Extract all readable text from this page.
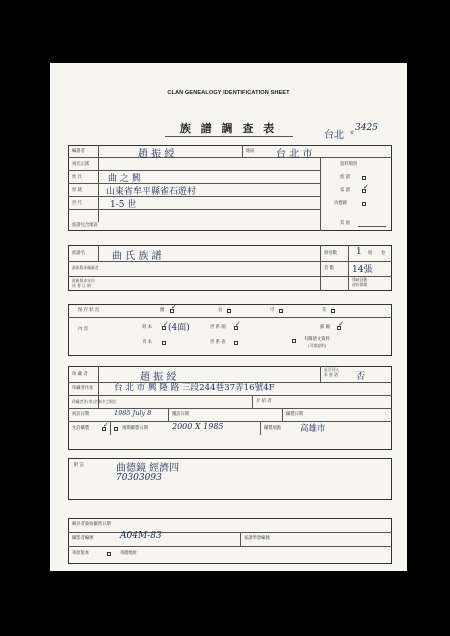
CLAN GENEALOGY IDENTIFICATION SHEET
族 譜 調 查 表
台北 號 3425
編譜者	趙 振 綬	地區 台 北 市
祠氏宗派
姓 氏	曲 之 興
原 籍	山東省牟平縣雀石遊村
世 代	1-5 世
族譜包含地區
資料類別
族 譜
家 譜 ✓
功德錄
其 他
族譜名	曲 氏 族 譜	册卷數 1 册 卷
最新版本編纂者
最新版本年份
成 書 日 期
頁 數 14張
殘缺頁數
部份損壞
保 存 狀 況	優 ✓	良	可	差
內 容	寫 本 ✓ (4面)	世 系 圖 ✓	插 圖 ✓
刊 本	世 系 表
有關譜文資料
(另填說明)
珍 藏 者	趙 振 綬
是否列入
本 族 譜 否
珍藏者住址 台 北 市 興 隆 路 三段244巷37弄16號4F
珍藏者住(家)宗族中之地位	介 紹 者
初訪日期	1985 July 8	覆訪日期	攝製日期
允許攝製 ✓	預期攝製日期	2000 X 1985	攝製地點 高雄市
附 註	曲德鏡 經濟四
70303093
輯存者簽收攝照日期
攝影者編號	A04M-83	家譜學會編號
寄原版本	寄贈地址
